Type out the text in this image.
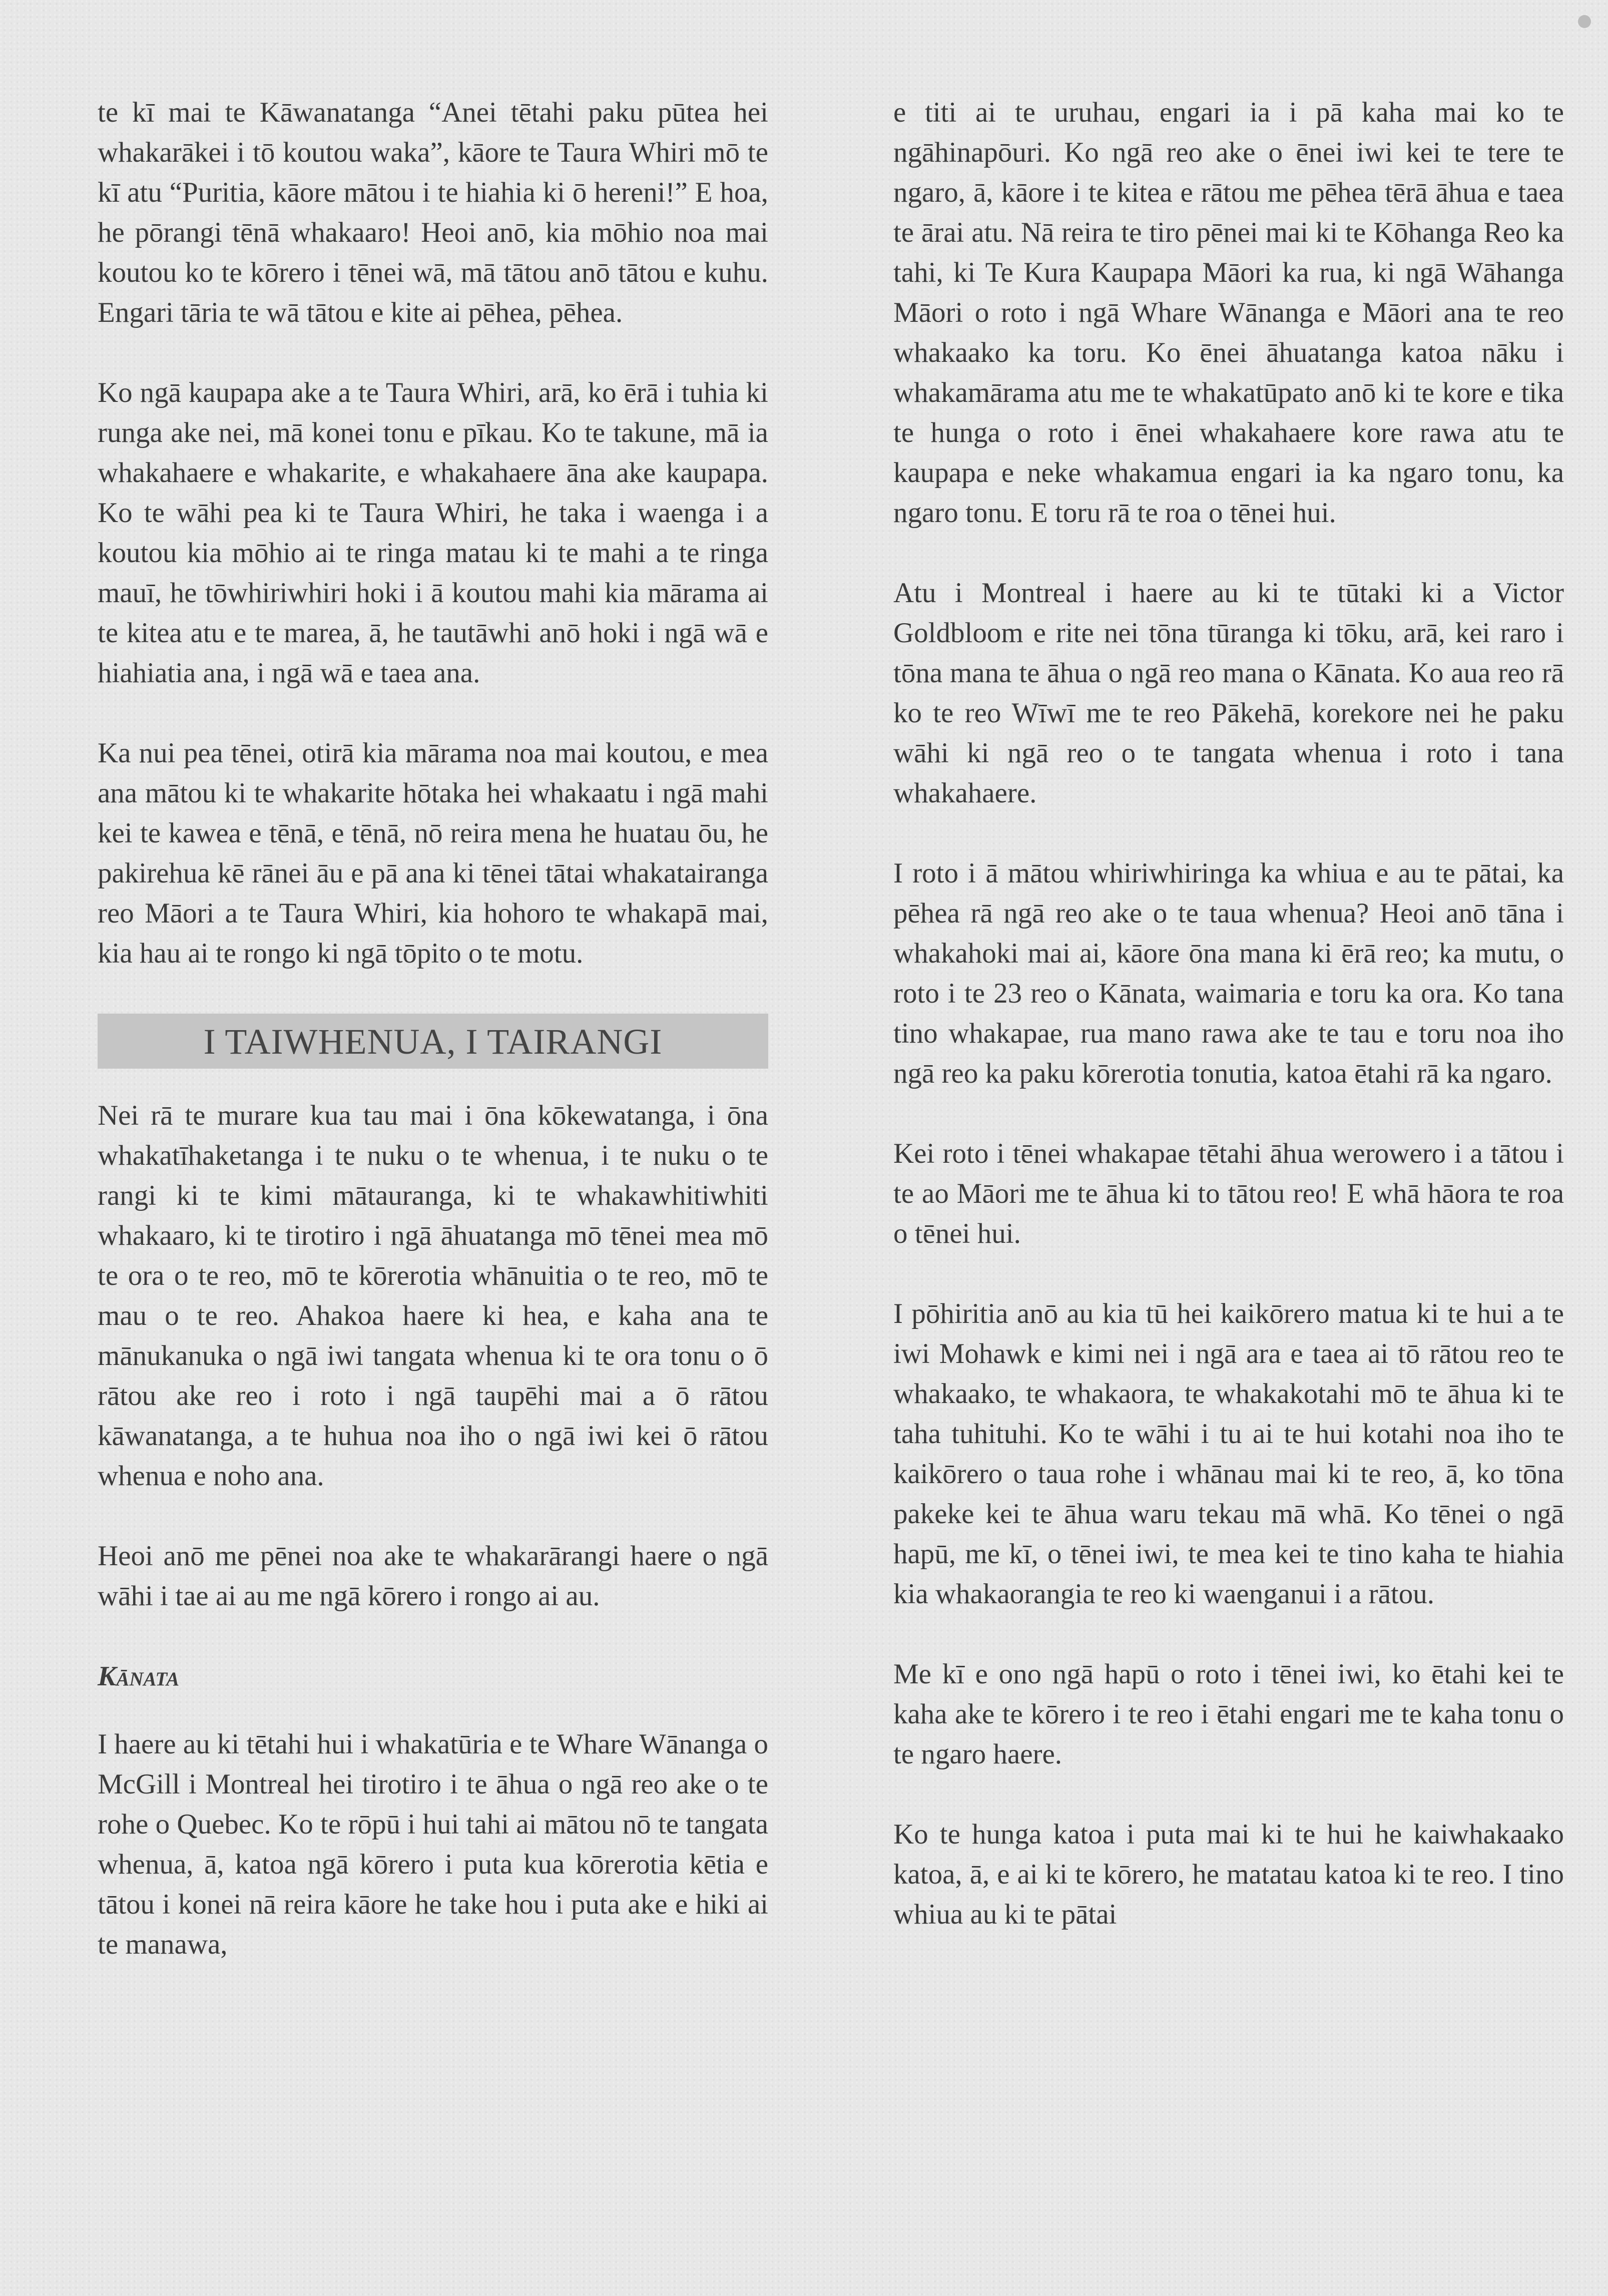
te kī mai te Kāwanatanga “Anei tētahi paku pūtea hei whakarākei i tō koutou waka”, kāore te Taura Whiri mō te kī atu “Puritia, kāore mātou i te hiahia ki ō hereni!” E hoa, he pōrangi tēnā whakaaro! Heoi anō, kia mōhio noa mai koutou ko te kōrero i tēnei wā, mā tātou anō tātou e kuhu. Engari tāria te wā tātou e kite ai pēhea, pēhea.

Ko ngā kaupapa ake a te Taura Whiri, arā, ko ērā i tuhia ki runga ake nei, mā konei tonu e pīkau. Ko te takune, mā ia whakahaere e whakarite, e whakahaere āna ake kaupapa. Ko te wāhi pea ki te Taura Whiri, he taka i waenga i a koutou kia mōhio ai te ringa matau ki te mahi a te ringa mauī, he tōwhiriwhiri hoki i ā koutou mahi kia mārama ai te kitea atu e te marea, ā, he tautāwhi anō hoki i ngā wā e hiahiatia ana, i ngā wā e taea ana.

Ka nui pea tēnei, otirā kia mārama noa mai koutou, e mea ana mātou ki te whakarite hōtaka hei whakaatu i ngā mahi kei te kawea e tēnā, e tēnā, nō reira mena he huatau ōu, he pakirehua kē rānei āu e pā ana ki tēnei tātai whakatairanga reo Māori a te Taura Whiri, kia hohoro te whakapā mai, kia hau ai te rongo ki ngā tōpito o te motu.

I TAIWHENUA, I TAIRANGI

Nei rā te murare kua tau mai i ōna kōkewatanga, i ōna whakatīhaketanga i te nuku o te whenua, i te nuku o te rangi ki te kimi mātauranga, ki te whakawhitiwhiti whakaaro, ki te tirotiro i ngā āhuatanga mō tēnei mea mō te ora o te reo, mō te kōrerotia whānuitia o te reo, mō te mau o te reo. Ahakoa haere ki hea, e kaha ana te mānukanuka o ngā iwi tangata whenua ki te ora tonu o ō rātou ake reo i roto i ngā taupēhi mai a ō rātou kāwanatanga, a te huhua noa iho o ngā iwi kei ō rātou whenua e noho ana.

Heoi anō me pēnei noa ake te whakarārangi haere o ngā wāhi i tae ai au me ngā kōrero i rongo ai au.

Kānata

I haere au ki tētahi hui i whakatūria e te Whare Wānanga o McGill i Montreal hei tirotiro i te āhua o ngā reo ake o te rohe o Quebec. Ko te rōpū i hui tahi ai mātou nō te tangata whenua, ā, katoa ngā kōrero i puta kua kōrerotia kētia e tātou i konei nā reira kāore he take hou i puta ake e hiki ai te manawa,

e titi ai te uruhau, engari ia i pā kaha mai ko te ngāhinapōuri. Ko ngā reo ake o ēnei iwi kei te tere te ngaro, ā, kāore i te kitea e rātou me pēhea tērā āhua e taea te ārai atu. Nā reira te tiro pēnei mai ki te Kōhanga Reo ka tahi, ki Te Kura Kaupapa Māori ka rua, ki ngā Wāhanga Māori o roto i ngā Whare Wānanga e Māori ana te reo whakaako ka toru. Ko ēnei āhuatanga katoa nāku i whakamārama atu me te whakatūpato anō ki te kore e tika te hunga o roto i ēnei whakahaere kore rawa atu te kaupapa e neke whakamua engari ia ka ngaro tonu, ka ngaro tonu. E toru rā te roa o tēnei hui.

Atu i Montreal i haere au ki te tūtaki ki a Victor Goldbloom e rite nei tōna tūranga ki tōku, arā, kei raro i tōna mana te āhua o ngā reo mana o Kānata. Ko aua reo rā ko te reo Wīwī me te reo Pākehā, korekore nei he paku wāhi ki ngā reo o te tangata whenua i roto i tana whakahaere.

I roto i ā mātou whiriwhiringa ka whiua e au te pātai, ka pēhea rā ngā reo ake o te taua whenua? Heoi anō tāna i whakahoki mai ai, kāore ōna mana ki ērā reo; ka mutu, o roto i te 23 reo o Kānata, waimaria e toru ka ora. Ko tana tino whakapae, rua mano rawa ake te tau e toru noa iho ngā reo ka paku kōrerotia tonutia, katoa ētahi rā ka ngaro.

Kei roto i tēnei whakapae tētahi āhua werowero i a tātou i te ao Māori me te āhua ki to tātou reo! E whā hāora te roa o tēnei hui.

I pōhiritia anō au kia tū hei kaikōrero matua ki te hui a te iwi Mohawk e kimi nei i ngā ara e taea ai tō rātou reo te whakaako, te whakaora, te whakakotahi mō te āhua ki te taha tuhituhi. Ko te wāhi i tu ai te hui kotahi noa iho te kaikōrero o taua rohe i whānau mai ki te reo, ā, ko tōna pakeke kei te āhua waru tekau mā whā. Ko tēnei o ngā hapū, me kī, o tēnei iwi, te mea kei te tino kaha te hiahia kia whakaorangia te reo ki waenganui i a rātou.

Me kī e ono ngā hapū o roto i tēnei iwi, ko ētahi kei te kaha ake te kōrero i te reo i ētahi engari me te kaha tonu o te ngaro haere.

Ko te hunga katoa i puta mai ki te hui he kaiwhakaako katoa, ā, e ai ki te kōrero, he matatau katoa ki te reo. I tino whiua au ki te pātai
